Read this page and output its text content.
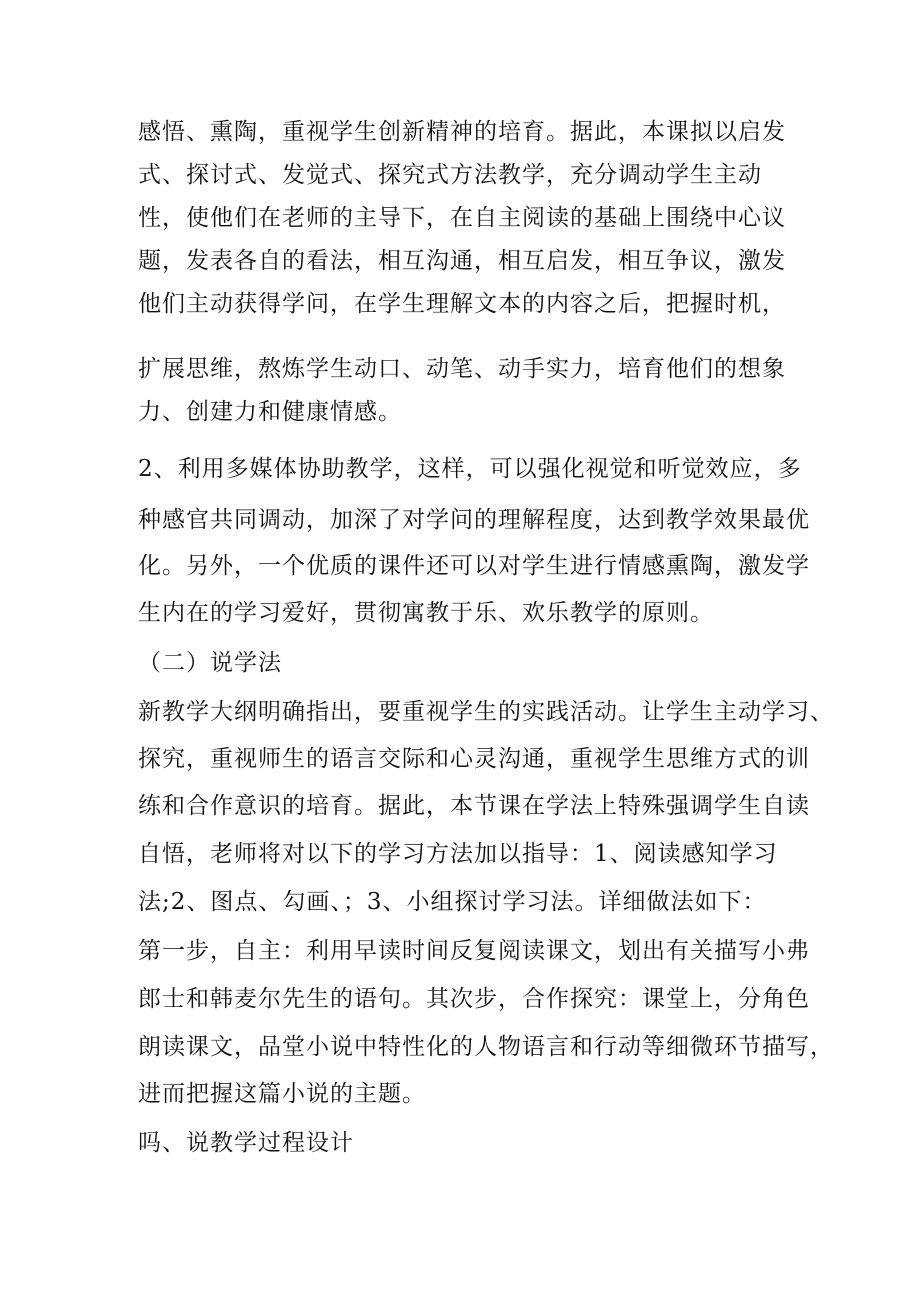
感悟、熏陶，重视学生创新精神的培育。据此，本课拟以启发
式、探讨式、发觉式、探究式方法教学，充分调动学生主动
性，使他们在老师的主导下，在自主阅读的基础上围绕中心议
题，发表各自的看法，相互沟通，相互启发，相互争议，激发
他们主动获得学问，在学生理解文本的内容之后，把握时机，
扩展思维，熬炼学生动口、动笔、动手实力，培育他们的想象
力、创建力和健康情感。
2、利用多媒体协助教学，这样，可以强化视觉和听觉效应，多
种感官共同调动，加深了对学问的理解程度，达到教学效果最优
化。另外，一个优质的课件还可以对学生进行情感熏陶，激发学
生内在的学习爱好，贯彻寓教于乐、欢乐教学的原则。
（二）说学法
新教学大纲明确指出，要重视学生的实践活动。让学生主动学习、
探究，重视师生的语言交际和心灵沟通，重视学生思维方式的训
练和合作意识的培育。据此，本节课在学法上特殊强调学生自读
自悟，老师将对以下的学习方法加以指导：1、阅读感知学习
法;2、图点、勾画、；3、小组探讨学习法。详细做法如下：
第一步，自主：利用早读时间反复阅读课文，划出有关描写小弗
郎士和韩麦尔先生的语句。其次步，合作探究：课堂上，分角色
朗读课文，品堂小说中特性化的人物语言和行动等细微环节描写，
进而把握这篇小说的主题。
吗、说教学过程设计
